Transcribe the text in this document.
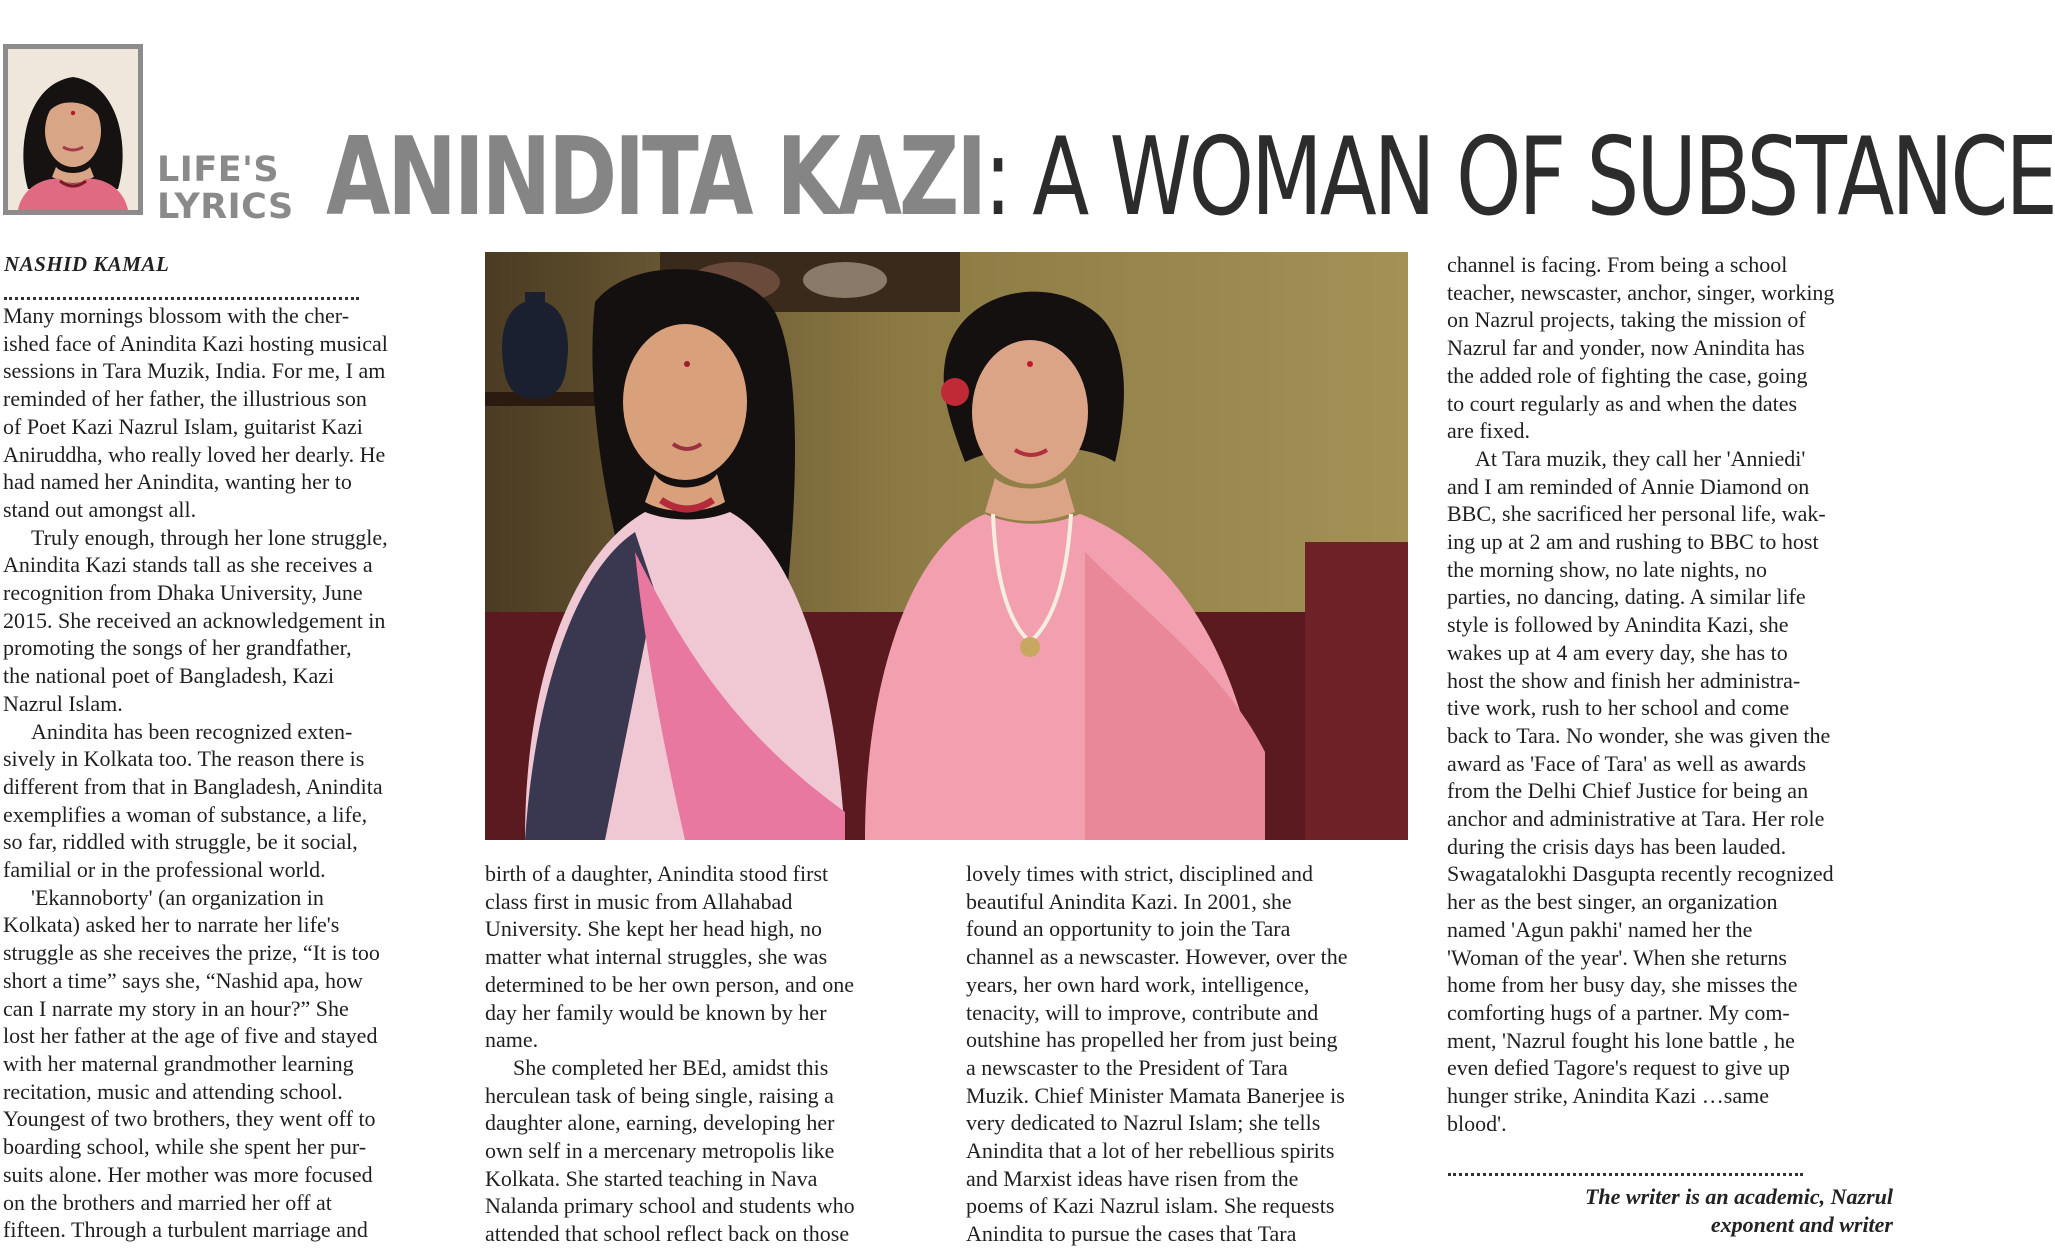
LIFE'S
LYRICS ANINDITA KAZI: A WOMAN OF SUBSTANCE
NASHID KAMAL
Many mornings blossom with the cher-
ished face of Anindita Kazi hosting musical
sessions in Tara Muzik, India. For me, I am
reminded of her father, the illustrious son
of Poet Kazi Nazrul Islam, guitarist Kazi
Aniruddha, who really loved her dearly. He
had named her Anindita, wanting her to
stand out amongst all.
Truly enough, through her lone struggle,
Anindita Kazi stands tall as she receives a
recognition from Dhaka University, June
2015. She received an acknowledgement in
promoting the songs of her grandfather,
the national poet of Bangladesh, Kazi
Nazrul Islam.
Anindita has been recognized exten-
sively in Kolkata too. The reason there is
different from that in Bangladesh, Anindita
exemplifies a woman of substance, a life,
so far, riddled with struggle, be it social,
familial or in the professional world.
'Ekannoborty' (an organization in
Kolkata) asked her to narrate her life's
struggle as she receives the prize, “It is too
short a time” says she, “Nashid apa, how
can I narrate my story in an hour?” She
lost her father at the age of five and stayed
with her maternal grandmother learning
recitation, music and attending school.
Youngest of two brothers, they went off to
boarding school, while she spent her pur-
suits alone. Her mother was more focused
on the brothers and married her off at
fifteen. Through a turbulent marriage and
birth of a daughter, Anindita stood first
class first in music from Allahabad
University. She kept her head high, no
matter what internal struggles, she was
determined to be her own person, and one
day her family would be known by her
name.
She completed her BEd, amidst this
herculean task of being single, raising a
daughter alone, earning, developing her
own self in a mercenary metropolis like
Kolkata. She started teaching in Nava
Nalanda primary school and students who
attended that school reflect back on those
lovely times with strict, disciplined and
beautiful Anindita Kazi. In 2001, she
found an opportunity to join the Tara
channel as a newscaster. However, over the
years, her own hard work, intelligence,
tenacity, will to improve, contribute and
outshine has propelled her from just being
a newscaster to the President of Tara
Muzik. Chief Minister Mamata Banerjee is
very dedicated to Nazrul Islam; she tells
Anindita that a lot of her rebellious spirits
and Marxist ideas have risen from the
poems of Kazi Nazrul islam. She requests
Anindita to pursue the cases that Tara
channel is facing. From being a school
teacher, newscaster, anchor, singer, working
on Nazrul projects, taking the mission of
Nazrul far and yonder, now Anindita has
the added role of fighting the case, going
to court regularly as and when the dates
are fixed.
At Tara muzik, they call her 'Anniedi'
and I am reminded of Annie Diamond on
BBC, she sacrificed her personal life, wak-
ing up at 2 am and rushing to BBC to host
the morning show, no late nights, no
parties, no dancing, dating. A similar life
style is followed by Anindita Kazi, she
wakes up at 4 am every day, she has to
host the show and finish her administra-
tive work, rush to her school and come
back to Tara. No wonder, she was given the
award as 'Face of Tara' as well as awards
from the Delhi Chief Justice for being an
anchor and administrative at Tara. Her role
during the crisis days has been lauded.
Swagatalokhi Dasgupta recently recognized
her as the best singer, an organization
named 'Agun pakhi' named her the
'Woman of the year'. When she returns
home from her busy day, she misses the
comforting hugs of a partner. My com-
ment, 'Nazrul fought his lone battle , he
even defied Tagore's request to give up
hunger strike, Anindita Kazi …same
blood'.
The writer is an academic, Nazrul
exponent and writer
